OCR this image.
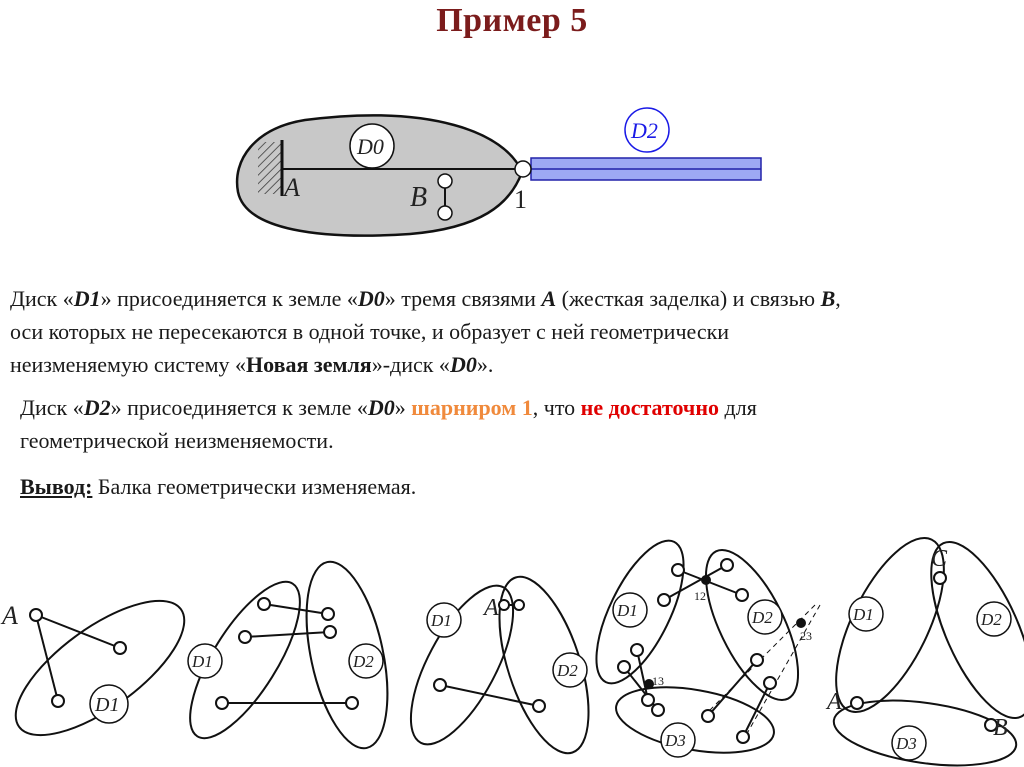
Пример 5
D0
A	B	1
D2
Диск «D1» присоединяется к земле «D0» тремя связями A (жесткая заделка) и связью B,
оси которых не пересекаются в одной точке, и образует с ней геометрически
неизменяемую систему «Новая земля»-диск «D0».
Диск «D2» присоединяется к земле «D0» шарниром 1, что не достаточно для
геометрической неизменяемости.
Вывод: Балка геометрически изменяемая.
A
D1
D1	D2
D1
D2
A	D1	D2
D3
12
13
23
D1	D2
D3
C
A
B
